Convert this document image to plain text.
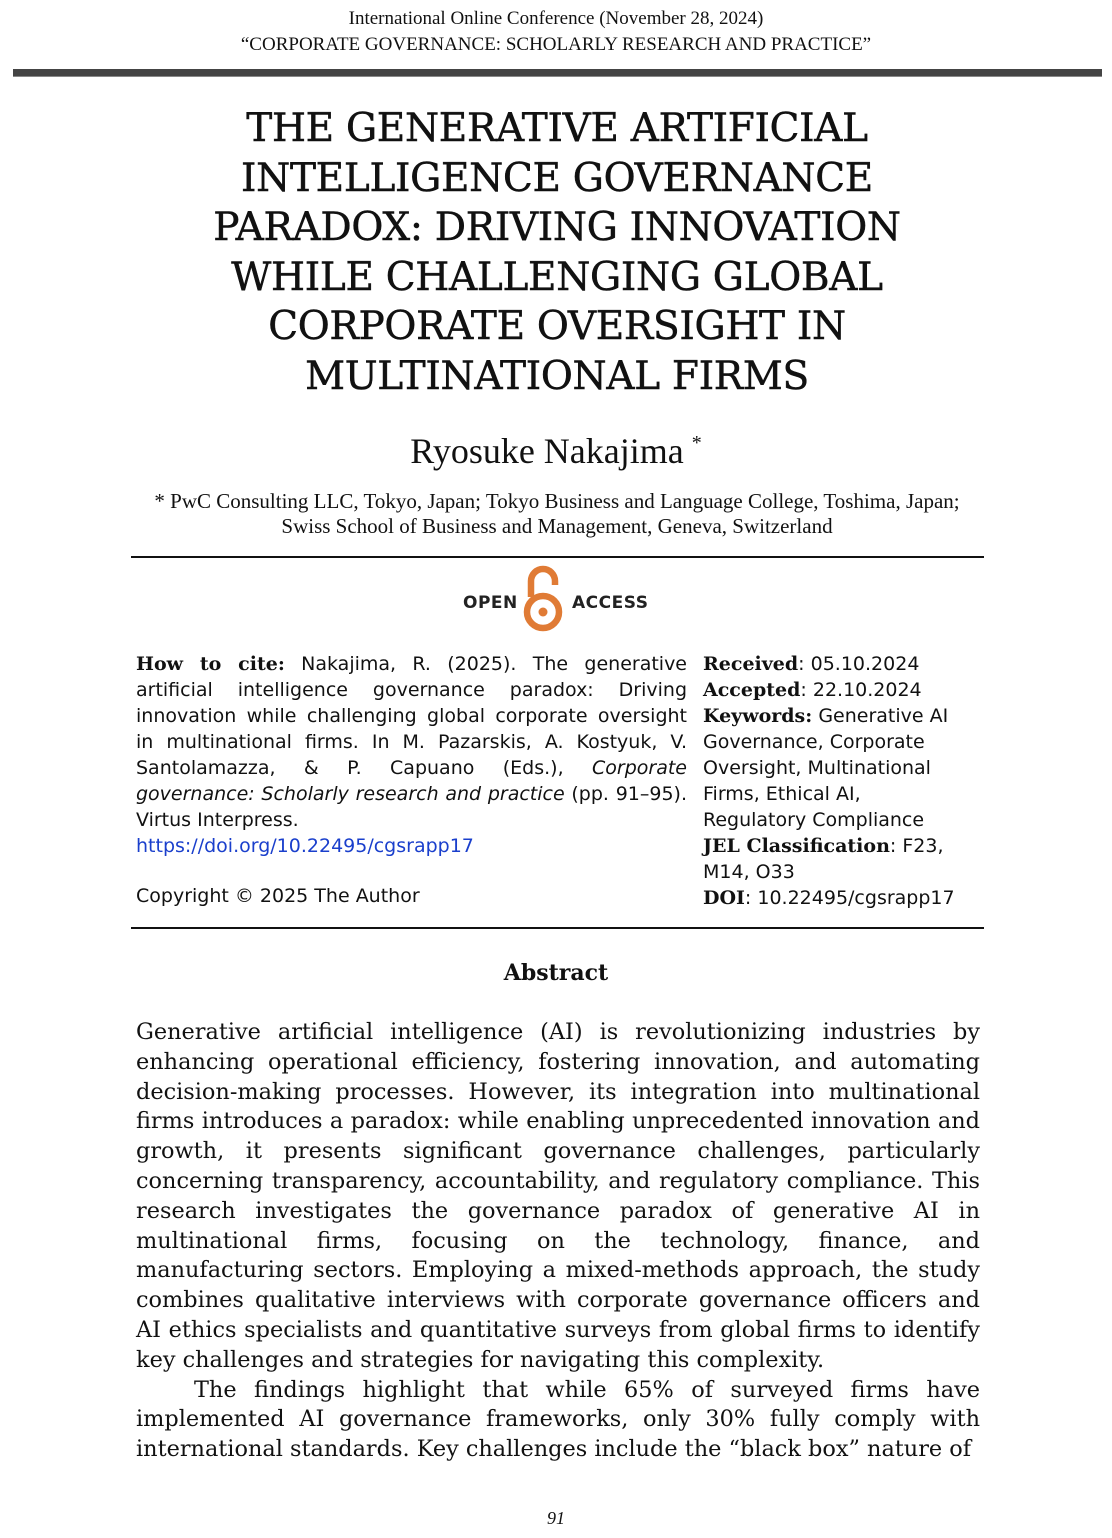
International Online Conference (November 28, 2024)
“CORPORATE GOVERNANCE: SCHOLARLY RESEARCH AND PRACTICE”
THE GENERATIVE ARTIFICIAL INTELLIGENCE GOVERNANCE PARADOX: DRIVING INNOVATION WHILE CHALLENGING GLOBAL CORPORATE OVERSIGHT IN MULTINATIONAL FIRMS
Ryosuke Nakajima *
* PwC Consulting LLC, Tokyo, Japan; Tokyo Business and Language College, Toshima, Japan;
Swiss School of Business and Management, Geneva, Switzerland
OPEN	ACCESS
How to cite: Nakajima, R. (2025). The generative artificial intelligence governance paradox: Driving innovation while challenging global corporate oversight in multinational firms. In M. Pazarskis, A. Kostyuk, V. Santolamazza, & P. Capuano (Eds.), Corporate governance: Scholarly research and practice (pp. 91–95). Virtus Interpress.
https://doi.org/10.22495/cgsrapp17
Copyright © 2025 The Author
Received: 05.10.2024
Accepted: 22.10.2024
Keywords: Generative AI
Governance, Corporate
Oversight, Multinational
Firms, Ethical AI,
Regulatory Compliance
JEL Classification: F23,
M14, O33
DOI: 10.22495/cgsrapp17
Abstract

Generative artificial intelligence (AI) is revolutionizing industries by enhancing operational efficiency, fostering innovation, and automating decision-making processes. However, its integration into multinational firms introduces a paradox: while enabling unprecedented innovation and growth, it presents significant governance challenges, particularly concerning transparency, accountability, and regulatory compliance. This research investigates the governance paradox of generative AI in multinational firms, focusing on the technology, finance, and manufacturing sectors. Employing a mixed-methods approach, the study combines qualitative interviews with corporate governance officers and AI ethics specialists and quantitative surveys from global firms to identify key challenges and strategies for navigating this complexity.

The findings highlight that while 65% of surveyed firms have implemented AI governance frameworks, only 30% fully comply with international standards. Key challenges include the “black box” nature of

91
